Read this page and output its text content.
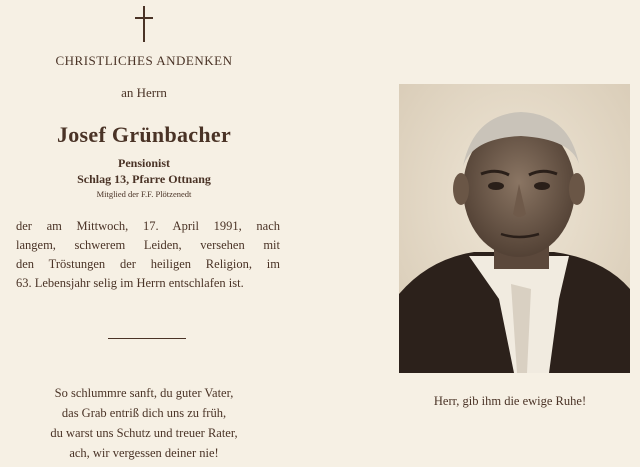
CHRISTLICHES ANDENKEN
an Herrn
Josef Grünbacher
Pensionist
Schlag 13, Pfarre Ottnang
Mitglied der F.F. Plötzenedt
der am Mittwoch, 17. April 1991, nach
langem, schwerem Leiden, versehen mit
den Tröstungen der heiligen Religion, im
63. Lebensjahr selig im Herrn entschlafen ist.
So schlummre sanft, du guter Vater,
das Grab entriß dich uns zu früh,
du warst uns Schutz und treuer Rater,
ach, wir vergessen deiner nie!
Herr, gib ihm die ewige Ruhe!
